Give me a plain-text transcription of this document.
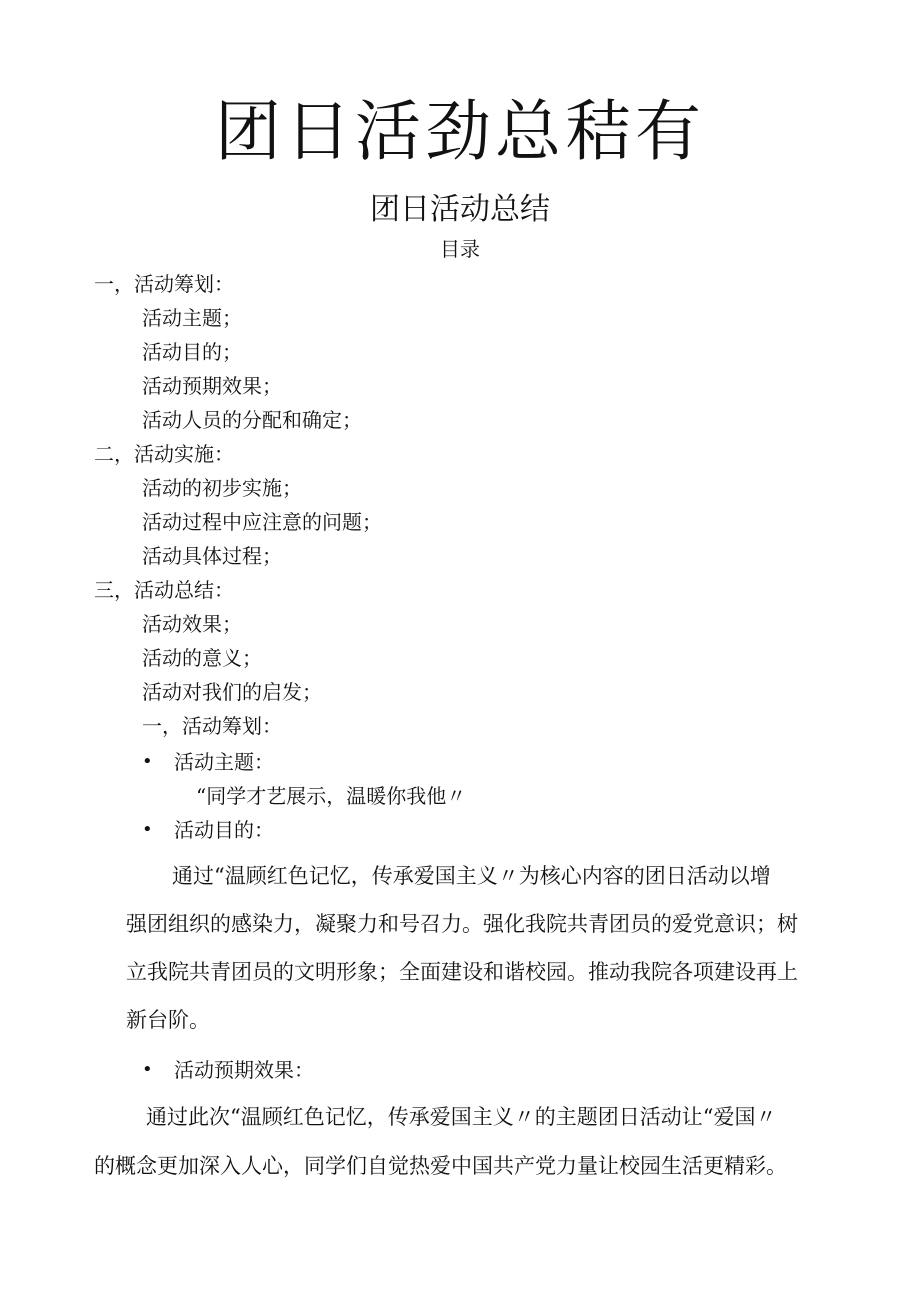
团日活劲总秸有
团日活动总结
目录
一，活动筹划：
活动主题；
活动目的；
活动预期效果；
活动人员的分配和确定；
二，活动实施：
活动的初步实施；
活动过程中应注意的问题；
活动具体过程；
三，活动总结：
活动效果；
活动的意义；
活动对我们的启发；
一，活动筹划：
• 活动主题：
“同学才艺展示，温暖你我他〃
• 活动目的：
通过“温顾红色记忆，传承爱国主义〃为核心内容的团日活动以增
强团组织的感染力，凝聚力和号召力。强化我院共青团员的爱党意识；树
立我院共青团员的文明形象；全面建设和谐校园。推动我院各项建设再上
新台阶。
• 活动预期效果：
通过此次“温顾红色记忆，传承爱国主义〃的主题团日活动让“爱国〃
的概念更加深入人心，同学们自觉热爱中国共产党力量让校园生活更精彩。
